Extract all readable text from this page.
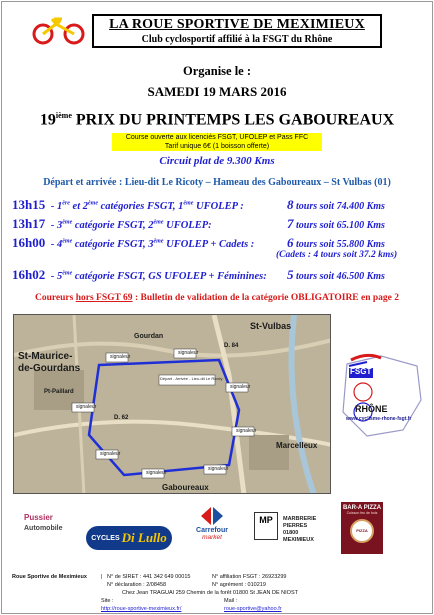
LA ROUE SPORTIVE DE MEXIMIEUX
Club cyclosportif affilié à la FSGT du Rhône
Organise le :
SAMEDI 19 MARS 2016
19ième PRIX DU PRINTEMPS LES GABOUREAUX
Course ouverte aux licenciés FSGT, UFOLEP et Pass FFC
Tarif unique 6€ (1 boisson offerte)
Circuit plat de 9.300 Kms
Départ et arrivée : Lieu-dit Le Ricoty – Hameau des Gaboureaux – St Vulbas (01)
13h15 - 1ère et 2ème catégories FSGT, 1ème UFOLEP :	8 tours soit 74.400 Kms
13h17 - 3ème catégorie FSGT, 2ème UFOLEP:	7 tours soit 65.100 Kms
16h00 - 4ème catégorie FSGT, 3ème UFOLEP + Cadets :	6 tours soit 55.800 Kms
(Cadets : 4 tours soit 37.2 kms)
16h02 - 5ème catégorie FSGT, GS UFOLEP + Féminines: 5 tours soit 46.500 Kms
Coureurs hors FSGT 69 : Bulletin de validation de la catégorie OBLIGATOIRE en page 2
St-Vulbas
Gourdan
St-Maurice-
de-Gourdans
Marcelleux
Gaboureaux
Pt-Paillard
D. 84
D. 62
Départ - Arrivée - Lieu-dit Le Ricoty
signaleur
signaleur
signaleur
signaleur
signaleur
signaleur
signaleur
signaleur
FSGT
RHÔNE
www.cyclisme-rhone-fsgt.fr
Pussier
Automobile
CYCLES Di Lullo	Carrefour
market
MP	MARBRERIE
PIERRES
01800 MEXIMIEUX
BAR-A PIZZA
Cuisson feu de bois
PIZZA
Roue Sportive de Meximieux	| N° de SIRET : 441 342 649 00015
N° déclaration : 2/08458
N° affiliation FSGT : 26923299
N° agrément : 010219
Chez Jean TRAGUAI 259 Chemin de la forêt 01800 St JEAN DE NIOST
Site :
http://roue-sportive-meximieux.fr/
Mail :
roue-sportive@yahoo.fr
